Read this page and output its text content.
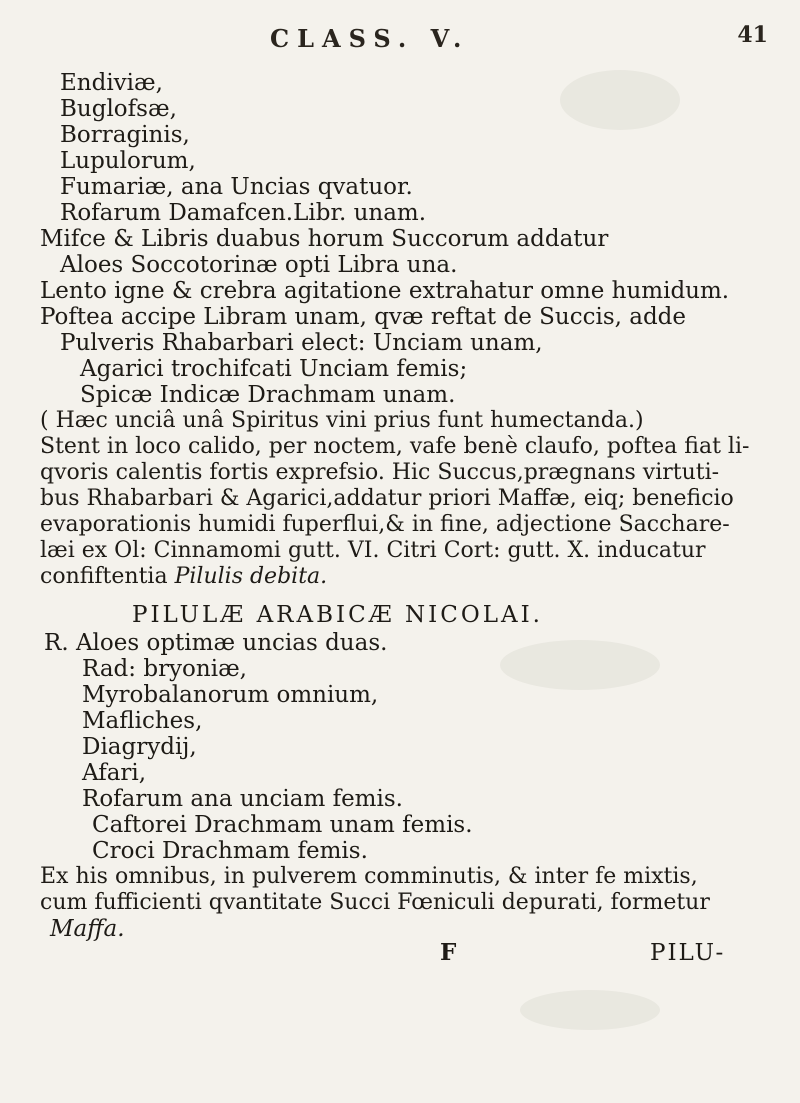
CLASS. V.	41
Endiviæ,
Buglofsæ,
Borraginis,
Lupulorum,
Fumariæ, ana Uncias qvatuor.
Rofarum Damafcen.Libr. unam.
Mifce & Libris duabus horum Succorum addatur
Aloes Soccotorinæ opti Libra una.
Lento igne & crebra agitatione extrahatur omne humidum.
Poftea accipe Libram unam, qvæ reftat de Succis, adde
Pulveris Rhabarbari elect: Unciam unam,
Agarici trochifcati Unciam femis;
Spicæ Indicæ Drachmam unam.
( Hæc unciâ unâ Spiritus vini prius funt humectanda.)
Stent in loco calido, per noctem, vafe benè claufo, poftea fiat li-
qvoris calentis fortis exprefsio. Hic Succus,prægnans virtuti-
bus Rhabarbari & Agarici,addatur priori Maffæ, eiq; beneficio
evaporationis humidi fuperflui,& in fine, adjectione Sacchare-
læi ex Ol: Cinnamomi gutt. VI. Citri Cort: gutt. X. inducatur
confiftentia Pilulis debita.
PILULÆ ARABICÆ NICOLAI.
R. Aloes optimæ uncias duas.
Rad: bryoniæ,
Myrobalanorum omnium,
Mafliches,
Diagrydij,
Afari,
Rofarum ana unciam femis.
Caftorei Drachmam unam femis.
Croci Drachmam femis.
Ex his omnibus, in pulverem comminutis, & inter fe mixtis,
cum fufficienti qvantitate Succi Fœniculi depurati, formetur
Maffa.
F	PILU-
